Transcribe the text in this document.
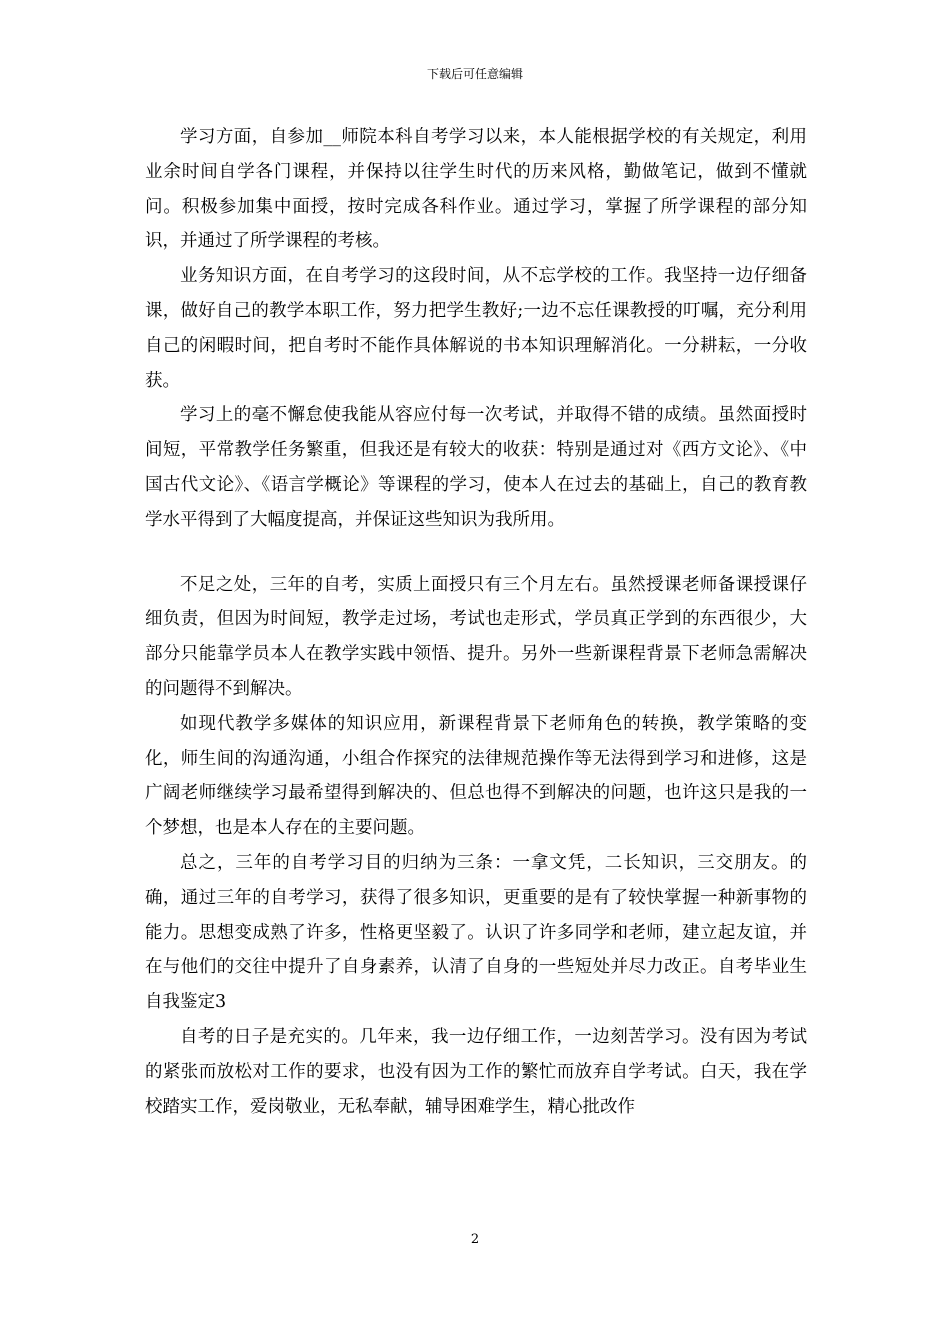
下载后可任意编辑

学习方面，自参加__师院本科自考学习以来，本人能根据学校的有关规定，利用业余时间自学各门课程，并保持以往学生时代的历来风格，勤做笔记，做到不懂就问。积极参加集中面授，按时完成各科作业。通过学习，掌握了所学课程的部分知识，并通过了所学课程的考核。

业务知识方面，在自考学习的这段时间，从不忘学校的工作。我坚持一边仔细备课，做好自己的教学本职工作，努力把学生教好;一边不忘任课教授的叮嘱，充分利用自己的闲暇时间，把自考时不能作具体解说的书本知识理解消化。一分耕耘，一分收获。

学习上的毫不懈怠使我能从容应付每一次考试，并取得不错的成绩。虽然面授时间短，平常教学任务繁重，但我还是有较大的收获：特别是通过对《西方文论》、《中国古代文论》、《语言学概论》等课程的学习，使本人在过去的基础上，自己的教育教学水平得到了大幅度提高，并保证这些知识为我所用。

不足之处，三年的自考，实质上面授只有三个月左右。虽然授课老师备课授课仔细负责，但因为时间短，教学走过场，考试也走形式，学员真正学到的东西很少，大部分只能靠学员本人在教学实践中领悟、提升。另外一些新课程背景下老师急需解决的问题得不到解决。

如现代教学多媒体的知识应用，新课程背景下老师角色的转换，教学策略的变化，师生间的沟通沟通，小组合作探究的法律规范操作等无法得到学习和进修，这是广阔老师继续学习最希望得到解决的、但总也得不到解决的问题，也许这只是我的一个梦想，也是本人存在的主要问题。

总之，三年的自考学习目的归纳为三条：一拿文凭，二长知识，三交朋友。的确，通过三年的自考学习，获得了很多知识，更重要的是有了较快掌握一种新事物的能力。思想变成熟了许多，性格更坚毅了。认识了许多同学和老师，建立起友谊，并在与他们的交往中提升了自身素养，认清了自身的一些短处并尽力改正。自考毕业生自我鉴定3

自考的日子是充实的。几年来，我一边仔细工作，一边刻苦学习。没有因为考试的紧张而放松对工作的要求，也没有因为工作的繁忙而放弃自学考试。白天，我在学校踏实工作，爱岗敬业，无私奉献，辅导困难学生，精心批改作

2
